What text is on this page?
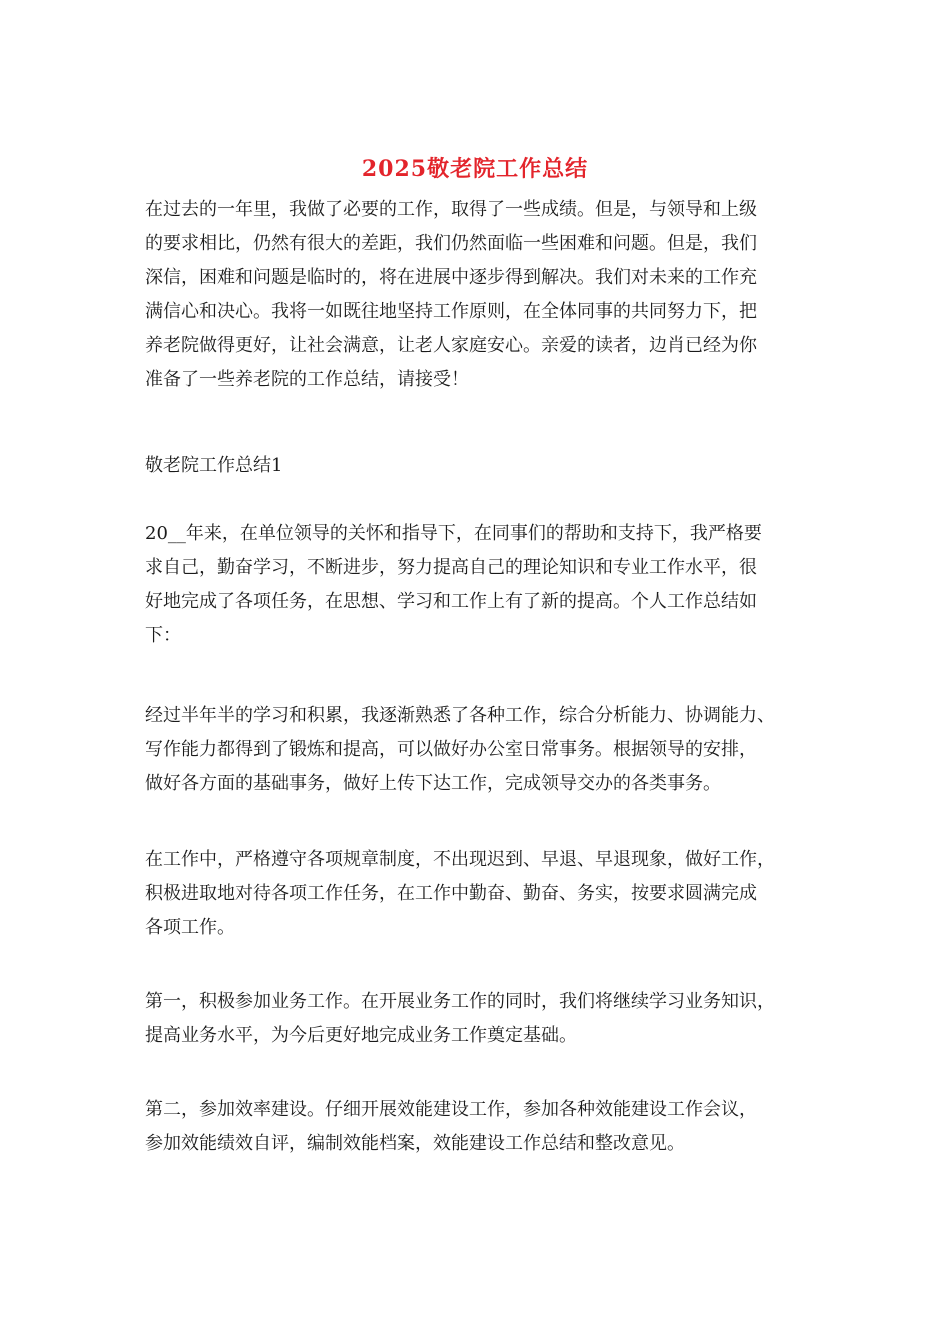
2025敬老院工作总结
在过去的一年里，我做了必要的工作，取得了一些成绩。但是，与领导和上级
的要求相比，仍然有很大的差距，我们仍然面临一些困难和问题。但是，我们
深信，困难和问题是临时的，将在进展中逐步得到解决。我们对未来的工作充
满信心和决心。我将一如既往地坚持工作原则，在全体同事的共同努力下，把
养老院做得更好，让社会满意，让老人家庭安心。亲爱的读者，边肖已经为你
准备了一些养老院的工作总结，请接受！
敬老院工作总结1
20__年来，在单位领导的关怀和指导下，在同事们的帮助和支持下，我严格要
求自己，勤奋学习，不断进步，努力提高自己的理论知识和专业工作水平，很
好地完成了各项任务，在思想、学习和工作上有了新的提高。个人工作总结如
下：
经过半年半的学习和积累，我逐渐熟悉了各种工作，综合分析能力、协调能力、
写作能力都得到了锻炼和提高，可以做好办公室日常事务。根据领导的安排，
做好各方面的基础事务，做好上传下达工作，完成领导交办的各类事务。
在工作中，严格遵守各项规章制度，不出现迟到、早退、早退现象，做好工作，
积极进取地对待各项工作任务，在工作中勤奋、勤奋、务实，按要求圆满完成
各项工作。
第一，积极参加业务工作。在开展业务工作的同时，我们将继续学习业务知识，
提高业务水平，为今后更好地完成业务工作奠定基础。
第二，参加效率建设。仔细开展效能建设工作，参加各种效能建设工作会议，
参加效能绩效自评，编制效能档案，效能建设工作总结和整改意见。
